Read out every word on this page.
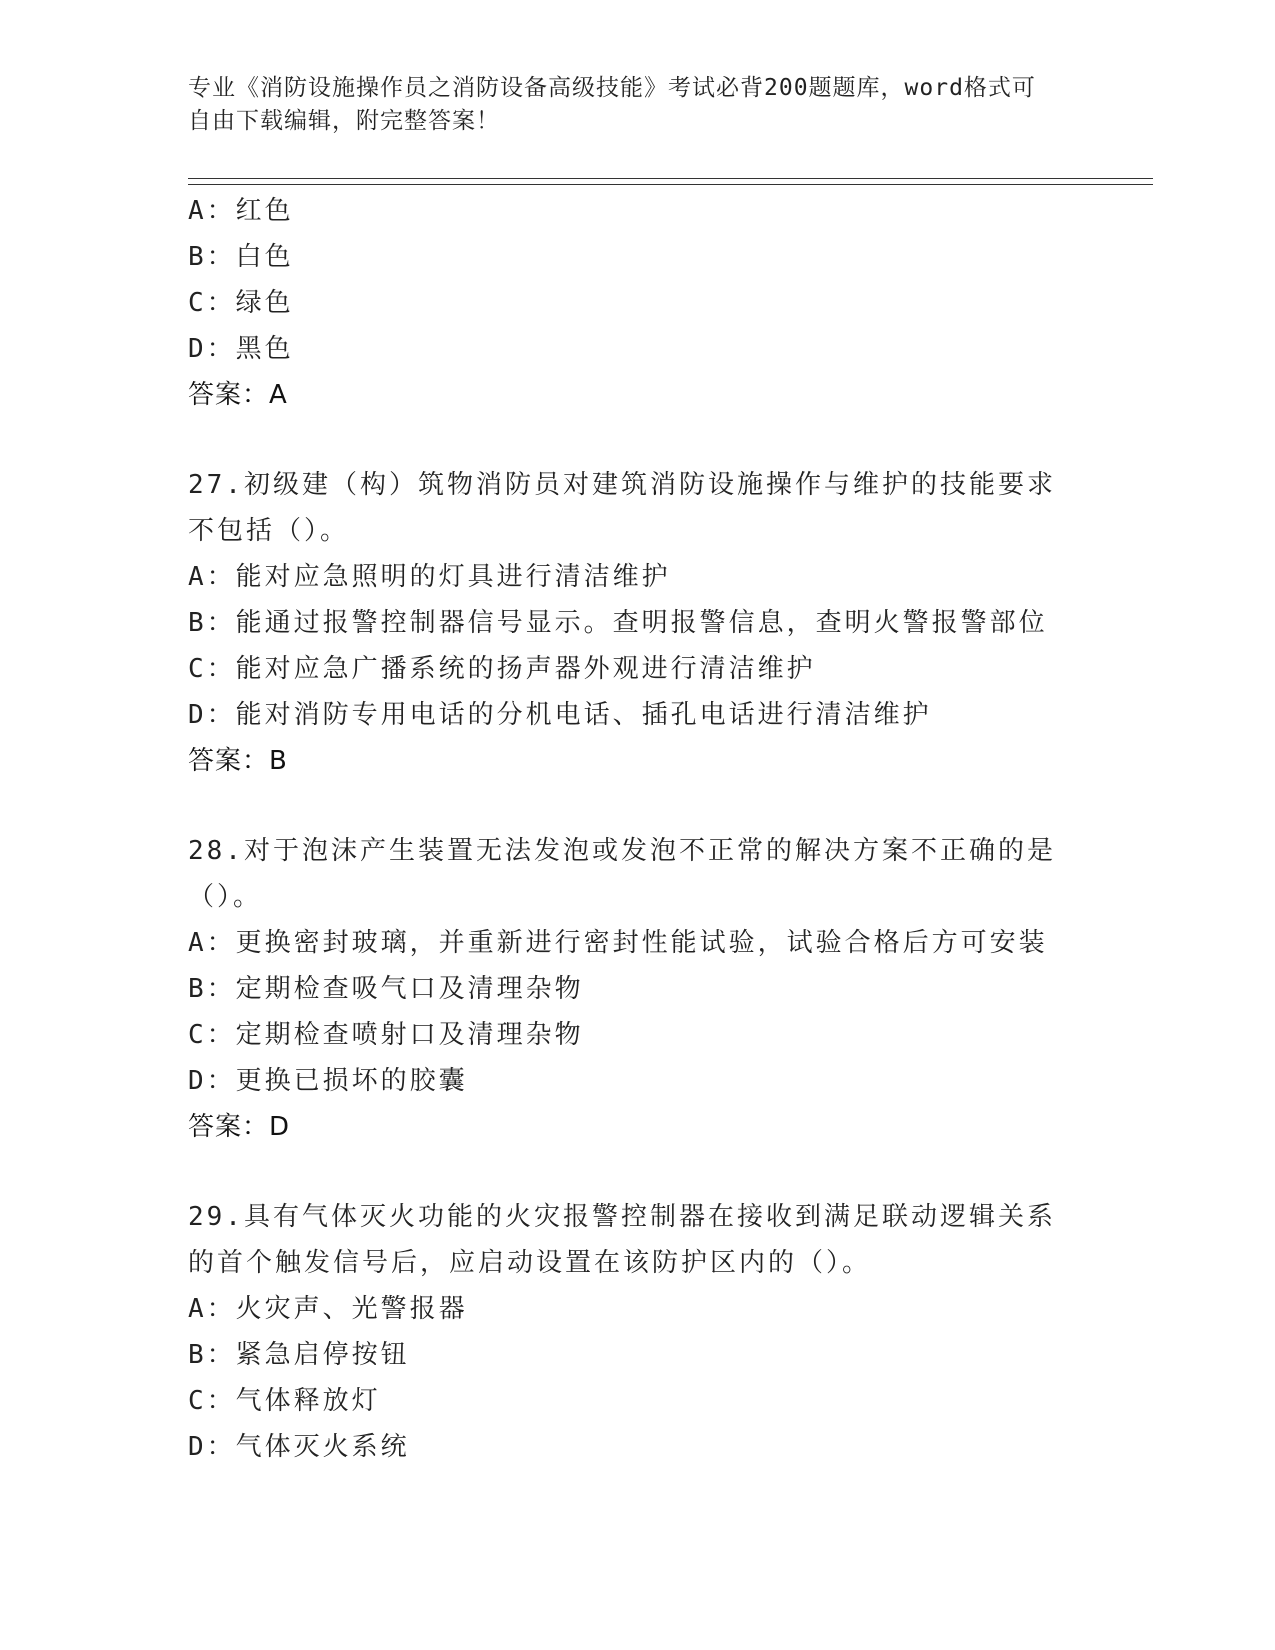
专业《消防设施操作员之消防设备高级技能》考试必背200题题库，word格式可
自由下载编辑，附完整答案！
A：红色
B：白色
C：绿色
D：黑色
答案：A
27.初级建（构）筑物消防员对建筑消防设施操作与维护的技能要求不包括（）。
A：能对应急照明的灯具进行清洁维护
B：能通过报警控制器信号显示。查明报警信息，查明火警报警部位
C：能对应急广播系统的扬声器外观进行清洁维护
D：能对消防专用电话的分机电话、插孔电话进行清洁维护
答案：B
28.对于泡沫产生装置无法发泡或发泡不正常的解决方案不正确的是（）。
A：更换密封玻璃，并重新进行密封性能试验，试验合格后方可安装
B：定期检查吸气口及清理杂物
C：定期检查喷射口及清理杂物
D：更换已损坏的胶囊
答案：D
29.具有气体灭火功能的火灾报警控制器在接收到满足联动逻辑关系的首个触发信号后，应启动设置在该防护区内的（）。
A：火灾声、光警报器
B：紧急启停按钮
C：气体释放灯
D：气体灭火系统
